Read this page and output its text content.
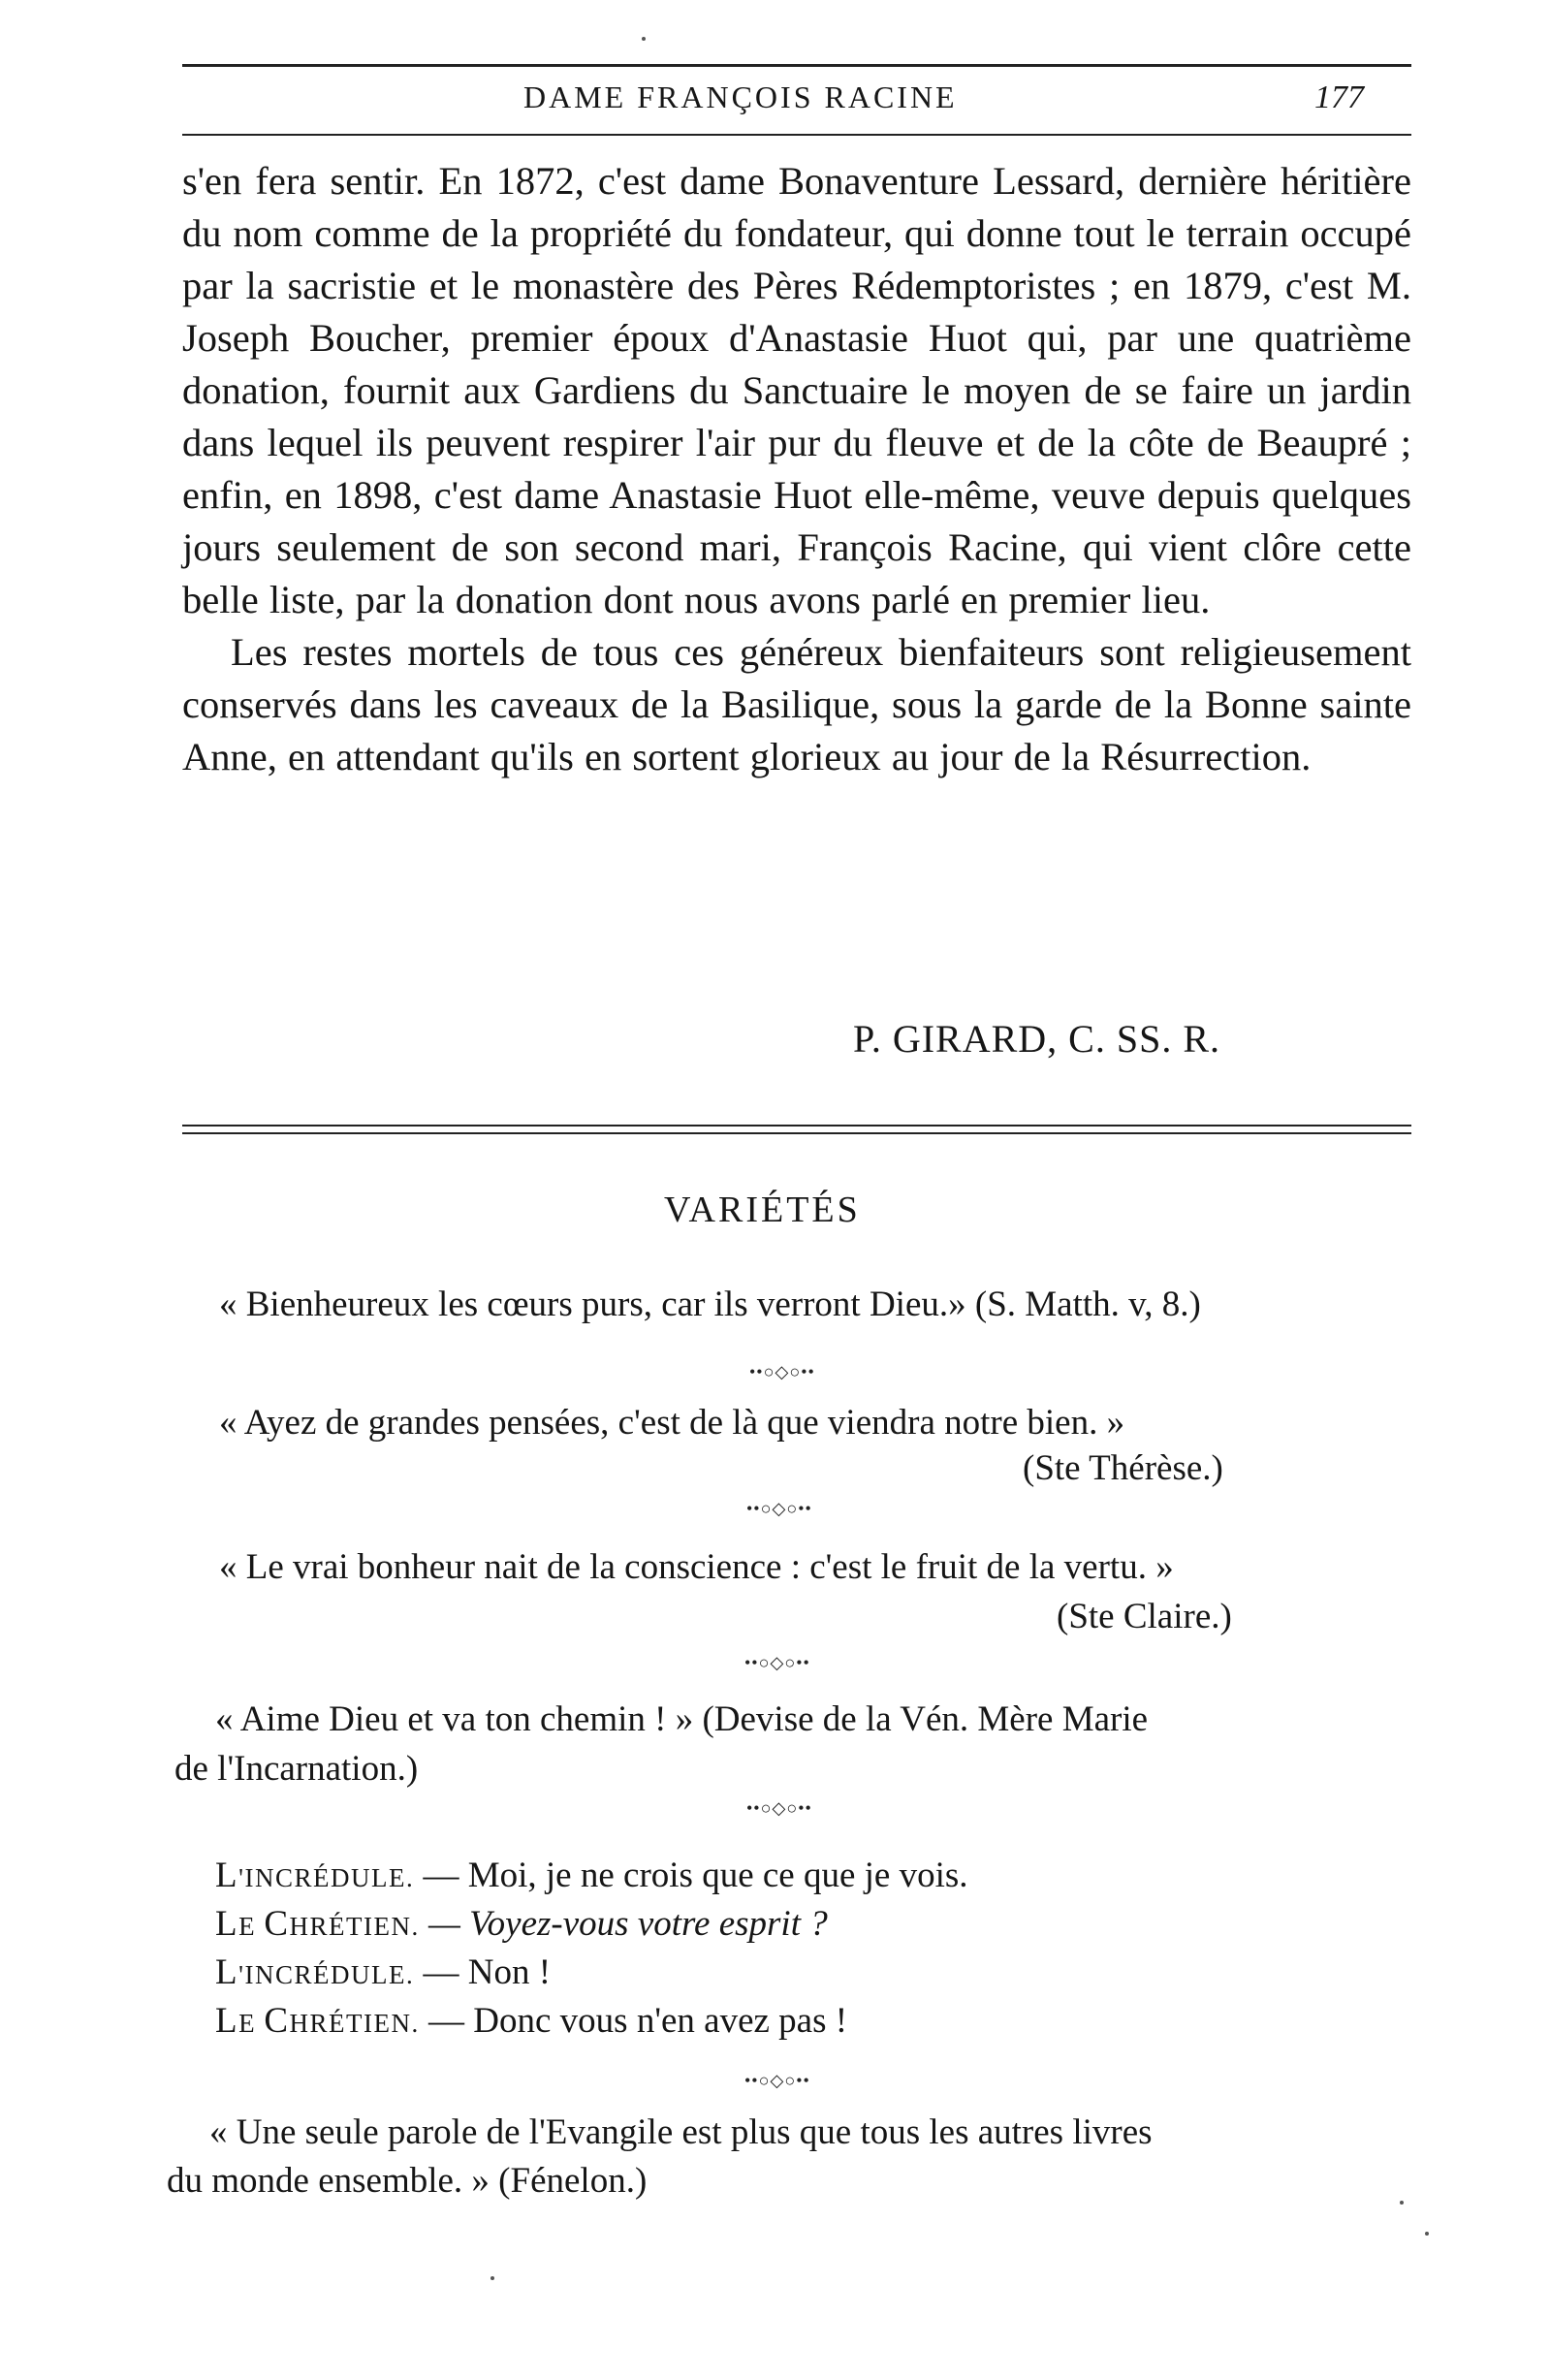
DAME FRANÇOIS RACINE	177

s'en fera sentir. En 1872, c'est dame Bonaventure Lessard, dernière héritière du nom comme de la propriété du fondateur, qui donne tout le terrain occupé par la sacristie et le monastère des Pères Rédemptoristes ; en 1879, c'est M. Joseph Boucher, premier époux d'Anastasie Huot qui, par une quatrième donation, fournit aux Gardiens du Sanctuaire le moyen de se faire un jardin dans lequel ils peuvent respirer l'air pur du fleuve et de la côte de Beaupré ; enfin, en 1898, c'est dame Anastasie Huot elle-même, veuve depuis quelques jours seulement de son second mari, François Racine, qui vient clôre cette belle liste, par la donation dont nous avons parlé en premier lieu.

Les restes mortels de tous ces généreux bienfaiteurs sont religieusement conservés dans les caveaux de la Basilique, sous la garde de la Bonne sainte Anne, en attendant qu'ils en sortent glorieux au jour de la Résurrection.

P. GIRARD, C. SS. R.
VARIÉTÉS
« Bienheureux les cœurs purs, car ils verront Dieu.» (S. Matth. v, 8.)
••○◇○••
« Ayez de grandes pensées, c'est de là que viendra notre bien. »
(Ste Thérèse.)
••○◇○••
« Le vrai bonheur nait de la conscience : c'est le fruit de la vertu. »
(Ste Claire.)
••○◇○••
« Aime Dieu et va ton chemin ! » (Devise de la Vén. Mère Marie
de l'Incarnation.)
••○◇○••
L'INCRÉDULE. — Moi, je ne crois que ce que je vois.
LE CHRÉTIEN. — Voyez-vous votre esprit ?
L'INCRÉDULE. — Non !
LE CHRÉTIEN. — Donc vous n'en avez pas !
••○◇○••
« Une seule parole de l'Evangile est plus que tous les autres livres
du monde ensemble. » (Fénelon.)
